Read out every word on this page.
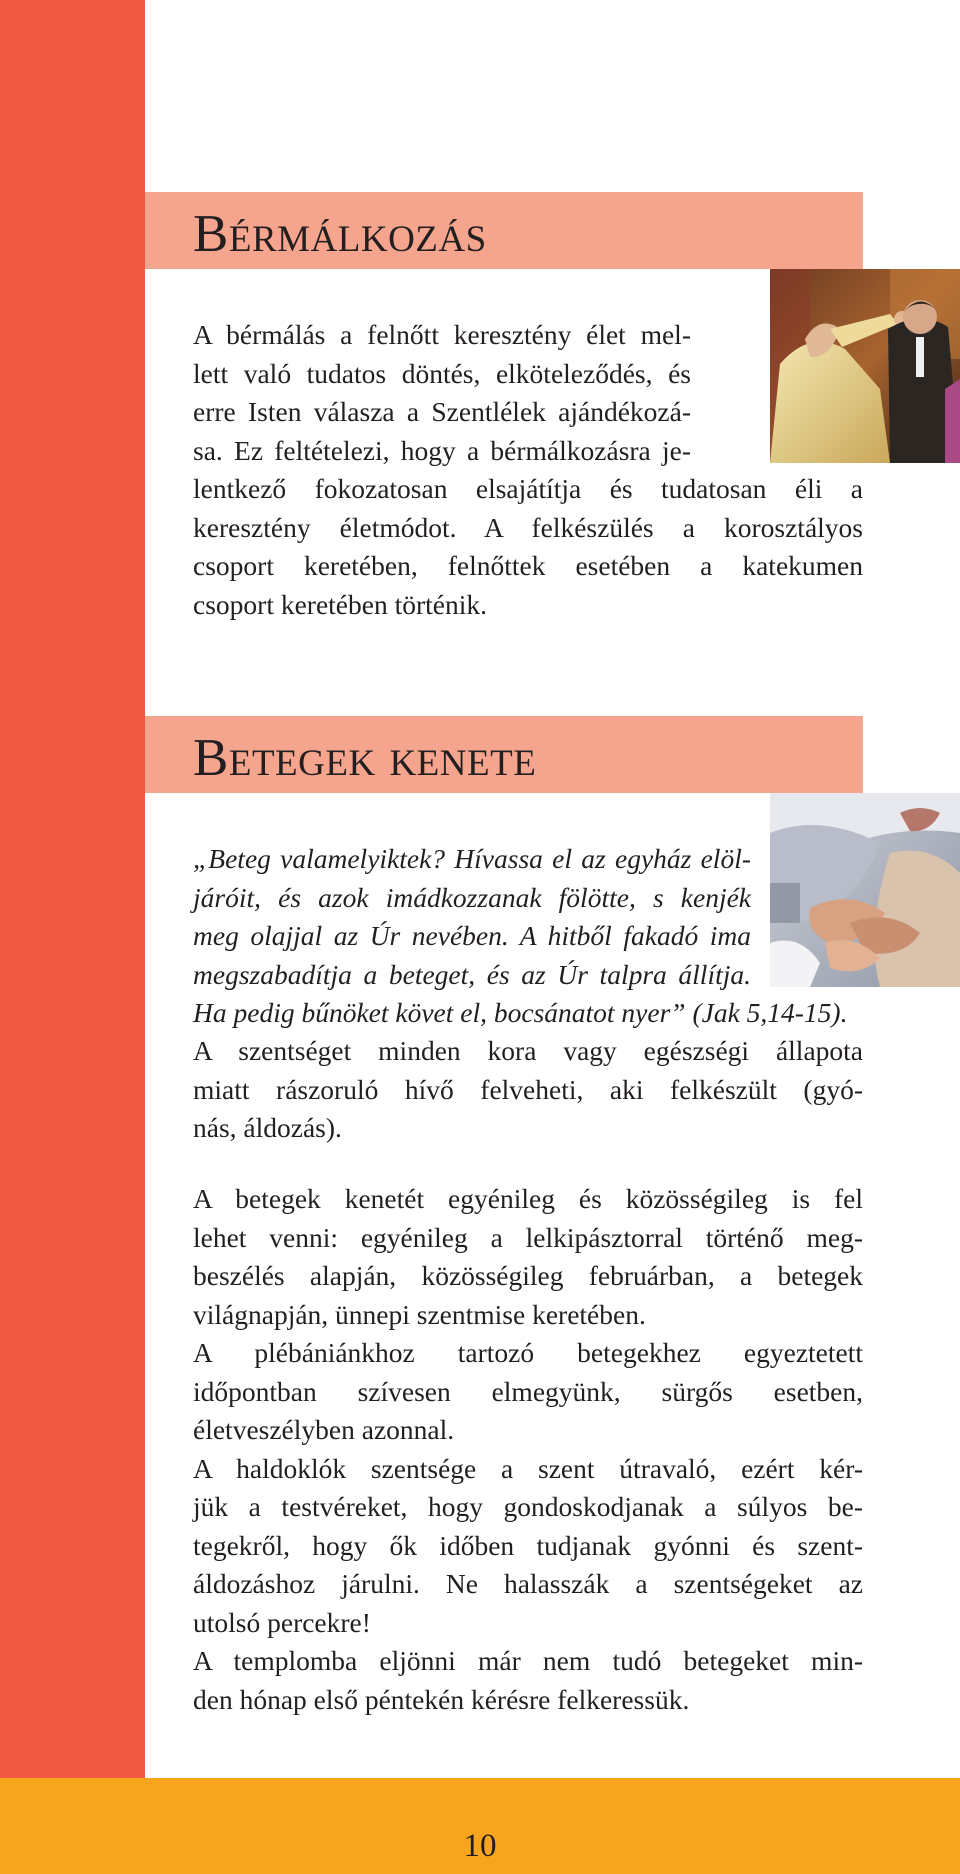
10
Bérmálkozás
A bérmálás a felnőtt keresztény élet mel-
lett való tudatos döntés, elköteleződés, és
erre Isten válasza a Szentlélek ajándékozá-
sa. Ez feltételezi, hogy a bérmálkozásra je-
lentkező fokozatosan elsajátítja és tudatosan éli a
keresztény életmódot. A felkészülés a korosztályos
csoport keretében, felnőttek esetében a katekumen
csoport keretében történik.
Betegek kenete
„Beteg valamelyiktek? Hívassa el az egyház elöl-
járóit, és azok imádkozzanak fölötte, s kenjék
meg olajjal az Úr nevében. A hitből fakadó ima
megszabadítja a beteget, és az Úr talpra állítja.
Ha pedig bűnöket követ el, bocsánatot nyer” (Jak 5,14-15).
A szentséget minden kora vagy egészségi állapota
miatt rászoruló hívő felveheti, aki felkészült (gyó-
nás, áldozás).
A betegek kenetét egyénileg és közösségileg is fel
lehet venni: egyénileg a lelkipásztorral történő meg-
beszélés alapján, közösségileg februárban, a betegek
világnapján, ünnepi szentmise keretében.
A plébániánkhoz tartozó betegekhez egyeztetett
időpontban szívesen elmegyünk, sürgős esetben,
életveszélyben azonnal.
A haldoklók szentsége a szent útravaló, ezért kér-
jük a testvéreket, hogy gondoskodjanak a súlyos be-
tegekről, hogy ők időben tudjanak gyónni és szent-
áldozáshoz járulni. Ne halasszák a szentségeket az
utolsó percekre!
A templomba eljönni már nem tudó betegeket min-
den hónap első péntekén kérésre felkeressük.
